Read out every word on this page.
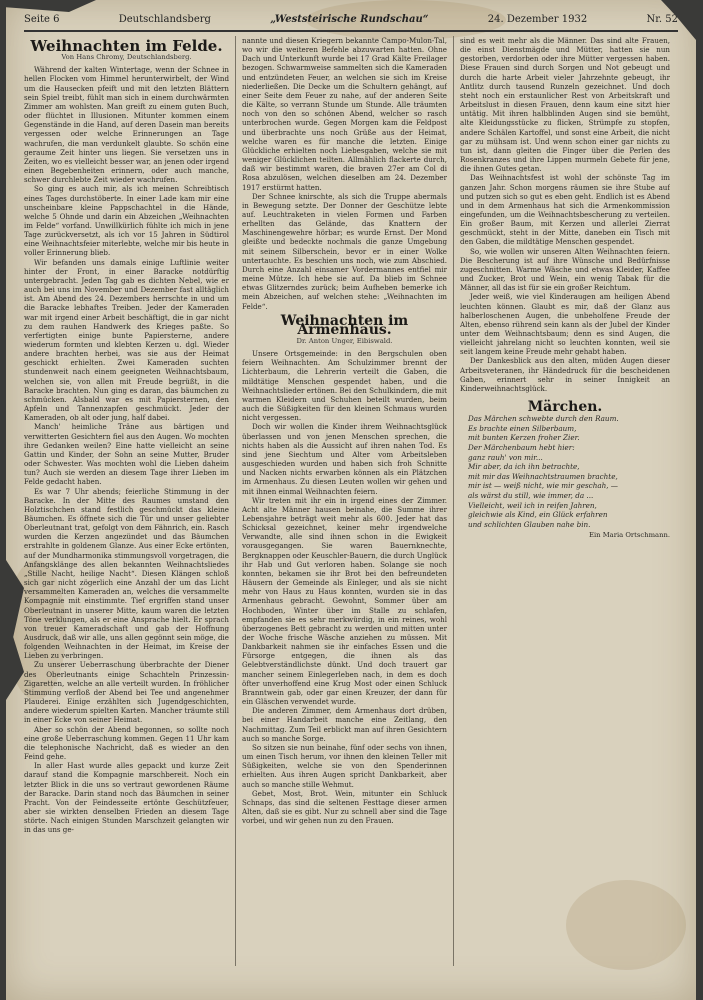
Seite 6	Deutschlandsberg	„Weststeirische Rundschau“	24. Dezember 1932	Nr. 52
Weihnachten im Felde.
Von Hans Chromy, Deutschlandsberg.

Während der kalten Wintertage, wenn der Schnee in hellen Flocken vom Himmel herunterwirbelt, der Wind um die Hausecken pfeift und mit den letzten Blättern sein Spiel treibt, fühlt man sich in einem durchwärmten Zimmer am wohlsten. Man greift zu einem guten Buch, oder flüchtet in Illusionen. Mitunter kommen einem Gegenstände in die Hand, auf deren Dasein man bereits vergessen oder welche Erinnerungen an Tage wachrufen, die man verdunkelt glaubte. So schön eine geraume Zeit hinter uns liegen. Sie versetzen uns in Zeiten, wo es vielleicht besser war, an jenen oder irgend einen Begebenheiten erinnern, oder auch manche, schwer durchlebte Zeit wieder wachrufen.

So ging es auch mir, als ich meinen Schreibtisch eines Tages durchstöberte. In einer Lade kam mir eine unscheinbare kleine Pappschachtel in die Hände, welche 5 Ohnde und darin ein Abzeichen „Weihnachten im Felde“ vorfand. Unwillkürlich fühlte ich mich in jene Tage zurückversetzt, als ich vor 15 Jahren in Südtirol eine Weihnachtsfeier miterlebte, welche mir bis heute in voller Erinnerung blieb.

Wir befanden uns damals einige Luftlinie weiter hinter der Front, in einer Baracke notdürftig untergebracht. Jeden Tag gab es dichten Nebel, wie er auch bei uns im November und Dezember fast alltäglich ist. Am Abend des 24. Dezembers herrschte in und um die Baracke lebhaftes Treiben. Jeder der Kameraden war mit irgend einer Arbeit beschäftigt, die in gar nicht zu dem rauhen Handwerk des Krieges paßte. So verfertigten einige bunte Papiersterne, andere wiederum formten und klebten Kerzen u. dgl. Wieder andere brachten herbei, was sie aus der Heimat geschickt erhielten. Zwei Kameraden suchten stundenweit nach einem geeigneten Weihnachtsbaum, welchen sie, von allen mit Freude begrüßt, in die Baracke brachten. Nun ging es daran, das bäumchen zu schmücken. Alsbald war es mit Papiersternen, den Apfeln und Tannenzapfen geschmückt. Jeder der Kameraden, ob alt oder jung, half dabei.

Manch' heimliche Träne aus bärtigen und verwitterten Gesichtern fiel aus den Augen. Wo mochten ihre Gedanken weilen? Eine hatte vielleicht an seine Gattin und Kinder, der Sohn an seine Mutter, Bruder oder Schwester. Was mochten wohl die Lieben daheim tun? Auch sie werden an diesem Tage ihrer Lieben im Felde gedacht haben.

Es war 7 Uhr abends; feierliche Stimmung in der Baracke. In der Mitte des Raumes umstand den Holztischchen stand festlich geschmückt das kleine Bäumchen. Es öffnete sich die Tür und unser geliebter Oberleutnant trat, gefolgt von dem Fähnrich, ein. Rasch wurden die Kerzen angezündet und das Bäumchen erstrahlte in goldenem Glanze. Aus einer Ecke ertönten, auf der Mundharmonika stimmungsvoll vorgetragen, die Anfangsklänge des allen bekannten Weihnachtsliedes „Stille Nacht, heilige Nacht“. Diesen Klängen schloß sich gar nicht zögerlich eine Anzahl der um das Licht versammelten Kameraden an, welches die versammelte Kompagnie mit einstimmte. Tief ergriffen stand unser Oberleutnant in unserer Mitte, kaum waren die letzten Töne verklungen, als er eine Ansprache hielt. Er sprach von treuer Kameradschaft und gab der Hoffnung Ausdruck, daß wir alle, uns allen gegönnt sein möge, die folgenden Weihnachten in der Heimat, im Kreise der Lieben zu verbringen.

Zu unserer Ueberraschung überbrachte der Diener des Oberleutnants einige Schachteln Prinzessin-Zigaretten, welche an alle verteilt wurden. In fröhlicher Stimmung verfloß der Abend bei Tee und angenehmer Plauderei. Einige erzählten sich Jugendgeschichten, andere wiederum spielten Karten. Mancher träumte still in einer Ecke von seiner Heimat.

Aber so schön der Abend begonnen, so sollte noch eine große Ueberraschung kommen. Gegen 11 Uhr kam die telephonische Nachricht, daß es wieder an den Feind gehe.

In aller Hast wurde alles gepackt und kurze Zeit darauf stand die Kompagnie marschbereit. Noch ein letzter Blick in die uns so vertraut gewordenen Räume der Baracke. Darin stand noch das Bäumchen in seiner Pracht. Von der Feindesseite ertönte Geschützfeuer, aber sie wirkten denselben Frieden an diesem Tage störte. Nach einigen Stunden Marschzeit gelangten wir in das uns ge-

nannte und diesen Kriegern bekannte Campo-Mulon-Tal, wo wir die weiteren Befehle abzuwarten hatten. Ohne Dach und Unterkunft wurde bei 17 Grad Kälte Freilager bezogen. Schwarmweise sammelten sich die Kameraden und entzündeten Feuer, an welchen sie sich im Kreise niederließen. Die Decke um die Schultern gehängt, auf einer Seite dem Feuer zu nahe, auf der anderen Seite die Kälte, so verrann Stunde um Stunde. Alle träumten noch von den so schönen Abend, welcher so rasch unterbrochen wurde. Gegen Morgen kam die Feldpost und überbrachte uns noch Grüße aus der Heimat, welche waren es für manche die letzten. Einige Glückliche erhielten noch Liebesgaben, welche sie mit weniger Glücklichen teilten. Allmählich flackerte durch, daß wir bestimmt waren, die braven 27er am Col di Rosa abzulösen, welchen dieselben am 24. Dezember 1917 erstürmt hatten.

Der Schnee knirschte, als sich die Truppe abermals in Bewegung setzte. Der Donner der Geschütze lebte auf. Leuchtraketen in vielen Formen und Farben erhellten das Gelände, das Knattern der Maschinengewehre hörbar; es wurde Ernst. Der Mond gleißte und bedeckte nochmals die ganze Umgebung mit seinem Silberschein, bevor er in einer Wolke untertauchte. Es beschien uns noch, wie zum Abschied. Durch eine Anzahl einsamer Vordermannes entfiel mir meine Mütze. Ich hebe sie auf. Da blieb im Schnee etwas Glitzerndes zurück; beim Aufheben bemerke ich mein Abzeichen, auf welchen stehe: „Weihnachten im Felde“.

Weihnachten im Armenhaus.
Dr. Anton Unger, Eibiswald.

Unsere Ortsgemeinde: in den Bergschulen oben feiern Weihnachten. Am Schulzimmer brennt der Lichterbaum, die Lehrerin verteilt die Gaben, die mildtätige Menschen gespendet haben, und die Weihnachtslieder ertönen. Bei den Schulkindern, die mit warmen Kleidern und Schuhen beteilt wurden, beim auch die Süßigkeiten für den kleinen Schmaus wurden nicht vergessen.

Doch wir wollen die Kinder ihrem Weihnachtsglück überlassen und von jenen Menschen sprechen, die nichts haben als die Aussicht auf ihren nahen Tod. Es sind jene Siechtum und Alter vom Arbeitsleben ausgeschieden wurden und haben sich froh Schnitte und Nacken nichts erwarben können als ein Plätzchen im Armenhaus. Zu diesen Leuten wollen wir gehen und mit ihnen einmal Weihnachten feiern.

Wir treten mit ihr ein in irgend eines der Zimmer. Acht alte Männer hausen beinahe, die Summe ihrer Lebensjahre beträgt weit mehr als 600. Jeder hat das Schicksal gezeichnet, keiner mehr irgendwelche Verwandte, alle sind ihnen schon in die Ewigkeit vorausgegangen. Sie waren Bauernknechte, Bergknappen oder Keuschler-Bauern, die durch Unglück ihr Hab und Gut verloren haben. Solange sie noch konnten, bekamen sie ihr Brot bei den befreundeten Häusern der Gemeinde als Einleger, und als sie nicht mehr von Haus zu Haus konnten, wurden sie in das Armenhaus gebracht. Gewohnt, Sommer über am Hochboden, Winter über im Stalle zu schlafen, empfanden sie es sehr merkwürdig, in ein reines, wohl überzogenes Bett gebracht zu werden und mitten unter der Woche frische Wäsche anziehen zu müssen. Mit Dankbarkeit nahmen sie ihr einfaches Essen und die Fürsorge entgegen, die ihnen als das Gelebtverständlichste dünkt. Und doch trauert gar mancher seinem Einlegerleben nach, in dem es doch öfter unverhoffend eine Krug Most oder einen Schluck Branntwein gab, oder gar einen Kreuzer, der dann für ein Gläschen verwendet wurde.

Die anderen Zimmer, dem Armenhaus dort drüben, bei einer Handarbeit manche eine Zeitlang, den Nachmittag. Zum Teil erblickt man auf ihren Gesichtern auch so manche Sorge.

So sitzen sie nun beinahe, fünf oder sechs von ihnen, um einen Tisch herum, vor ihnen den kleinen Teller mit Süßigkeiten, welche sie von den Spenderinnen erhielten. Aus ihren Augen spricht Dankbarkeit, aber auch so manche stille Wehmut.

Gebet, Most, Brot. Wein, mitunter ein Schluck Schnaps, das sind die seltenen Festtage dieser armen Alten, daß sie es gibt. Nur zu schnell aber sind die Tage vorbei, und wir gehen nun zu den Frauen.

sind es weit mehr als die Männer. Das sind alte Frauen, die einst Dienstmägde und Mütter, hatten sie nun gestorben, verdorben oder ihre Mütter vergessen haben. Diese Frauen sind durch Sorgen und Not gebeugt und durch die harte Arbeit vieler Jahrzehnte gebeugt, ihr Antlitz durch tausend Runzeln gezeichnet. Und doch steht noch ein erstaunlicher Rest von Arbeitskraft und Arbeitslust in diesen Frauen, denn kaum eine sitzt hier untätig. Mit ihren halbblinden Augen sind sie bemüht, alte Kleidungsstücke zu flicken, Strümpfe zu stopfen, andere Schälen Kartoffel, und sonst eine Arbeit, die nicht gar zu mühsam ist. Und wenn schon einer gar nichts zu tun ist, dann gleiten die Finger über die Perlen des Rosenkranzes und ihre Lippen murmeln Gebete für jene, die ihnen Gutes getan.

Das Weihnachtsfest ist wohl der schönste Tag im ganzen Jahr. Schon morgens räumen sie ihre Stube auf und putzen sich so gut es eben geht. Endlich ist es Abend und in dem Armenhaus hat sich die Armenkommission eingefunden, um die Weihnachtsbescherung zu verteilen. Ein großer Baum, mit Kerzen und allerlei Zierrat geschmückt, steht in der Mitte, daneben ein Tisch mit den Gaben, die mildtätige Menschen gespendet.

So, wie wollen wir unseren Alten Weihnachten feiern. Die Bescherung ist auf ihre Wünsche und Bedürfnisse zugeschnitten. Warme Wäsche und etwas Kleider, Kaffee und Zucker, Brot und Wein, ein wenig Tabak für die Männer, all das ist für sie ein großer Reichtum.

Jeder weiß, wie viel Kinderaugen am heiligen Abend leuchten können. Glaubt es mir, daß der Glanz aus halberloschenen Augen, die unbeholfene Freude der Alten, ebenso rührend sein kann als der Jubel der Kinder unter dem Weihnachtsbaum; denn es sind Augen, die vielleicht jahrelang nicht so leuchten konnten, weil sie seit langem keine Freude mehr gehabt haben.

Der Dankesblick aus den alten, müden Augen dieser Arbeitsveteranen, ihr Händedruck für die bescheidenen Gaben, erinnert sehr in seiner Innigkeit an Kinderweihnachtsglück.

Märchen.

Das Märchen schwebte durch den Raum.

Es brachte einen Silberbaum,

mit bunten Kerzen froher Zier.

Der Märchenbaum hebt hier:

ganz rauh' von mir...

Mir aber, da ich ihn betrachte,

mit mir das Weihnachtstraumen brachte,

mir ist — weiß nicht, wie mir geschah, —

als wärst du still, wie immer, da ...

Vielleicht, weil ich in reifen Jahren,

gleichwie als Kind, ein Glück erfahren

und schlichten Glauben nahe bin.

Ein Maria Ortschmann.
